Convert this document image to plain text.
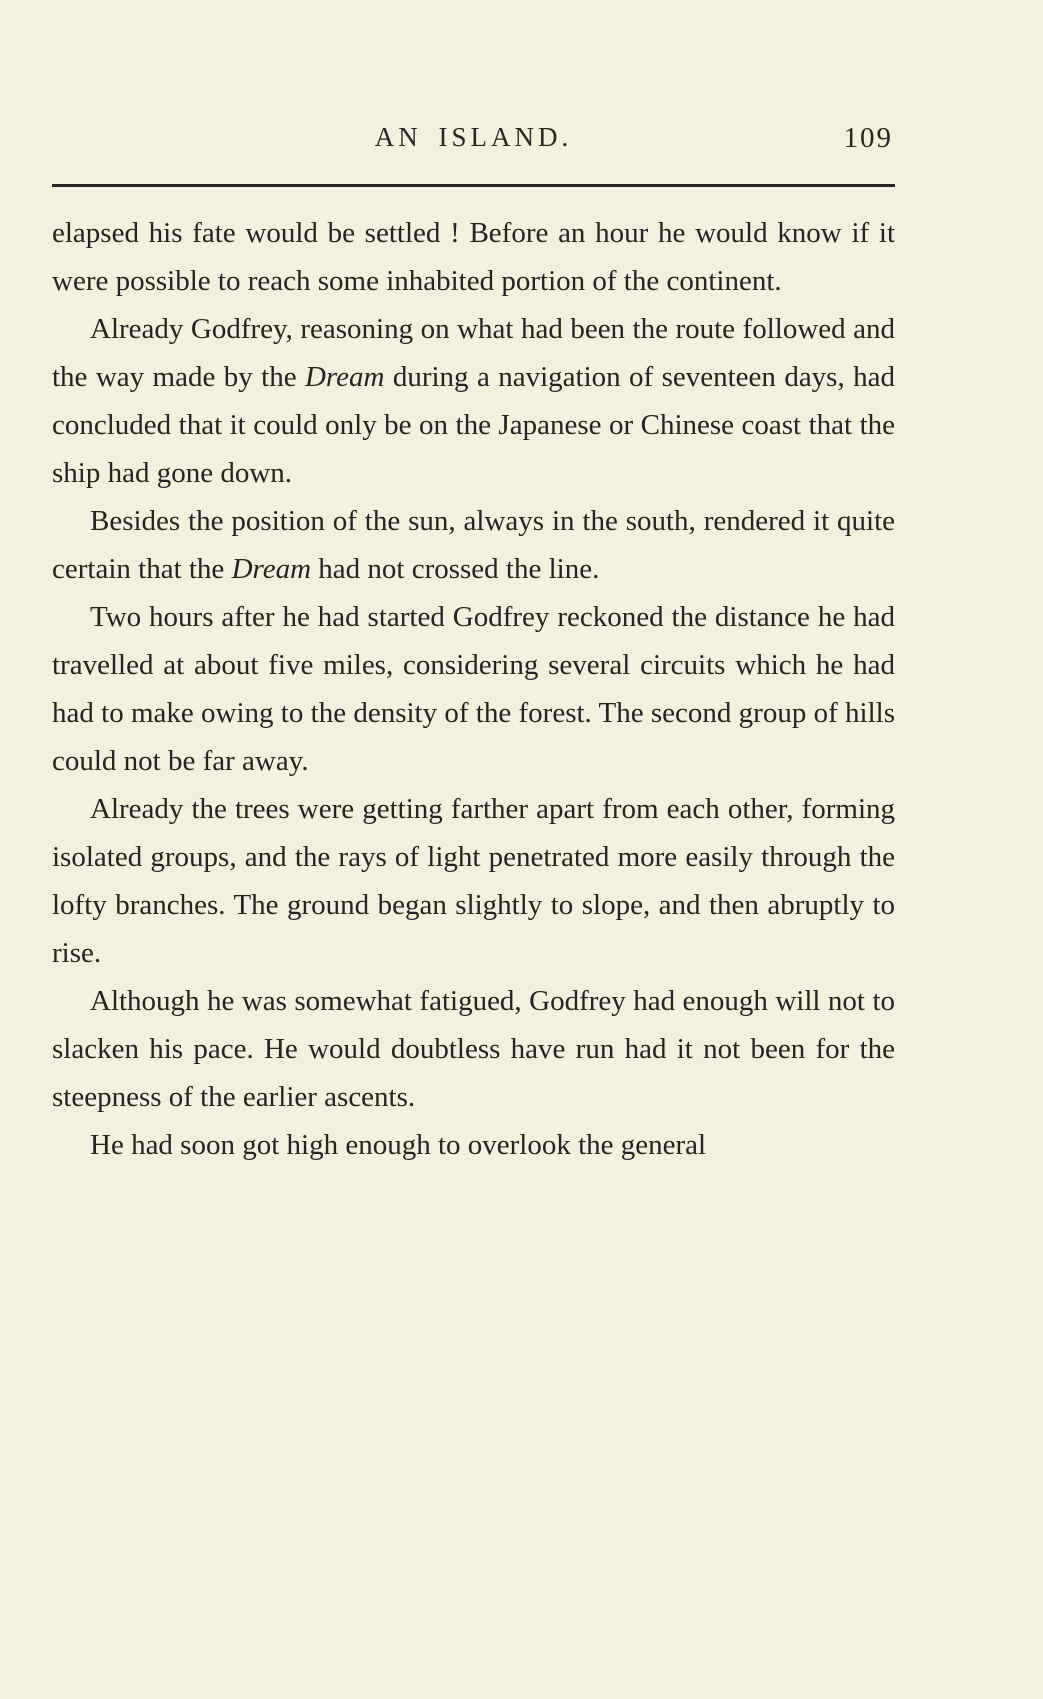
AN ISLAND.	109

elapsed his fate would be settled ! Before an hour he would know if it were possible to reach some inhabited portion of the continent.

Already Godfrey, reasoning on what had been the route followed and the way made by the Dream during a navigation of seventeen days, had concluded that it could only be on the Japanese or Chinese coast that the ship had gone down.

Besides the position of the sun, always in the south, rendered it quite certain that the Dream had not crossed the line.

Two hours after he had started Godfrey reckoned the distance he had travelled at about five miles, considering several circuits which he had had to make owing to the density of the forest. The second group of hills could not be far away.

Already the trees were getting farther apart from each other, forming isolated groups, and the rays of light penetrated more easily through the lofty branches. The ground began slightly to slope, and then abruptly to rise.

Although he was somewhat fatigued, Godfrey had enough will not to slacken his pace. He would doubtless have run had it not been for the steepness of the earlier ascents.

He had soon got high enough to overlook the general
